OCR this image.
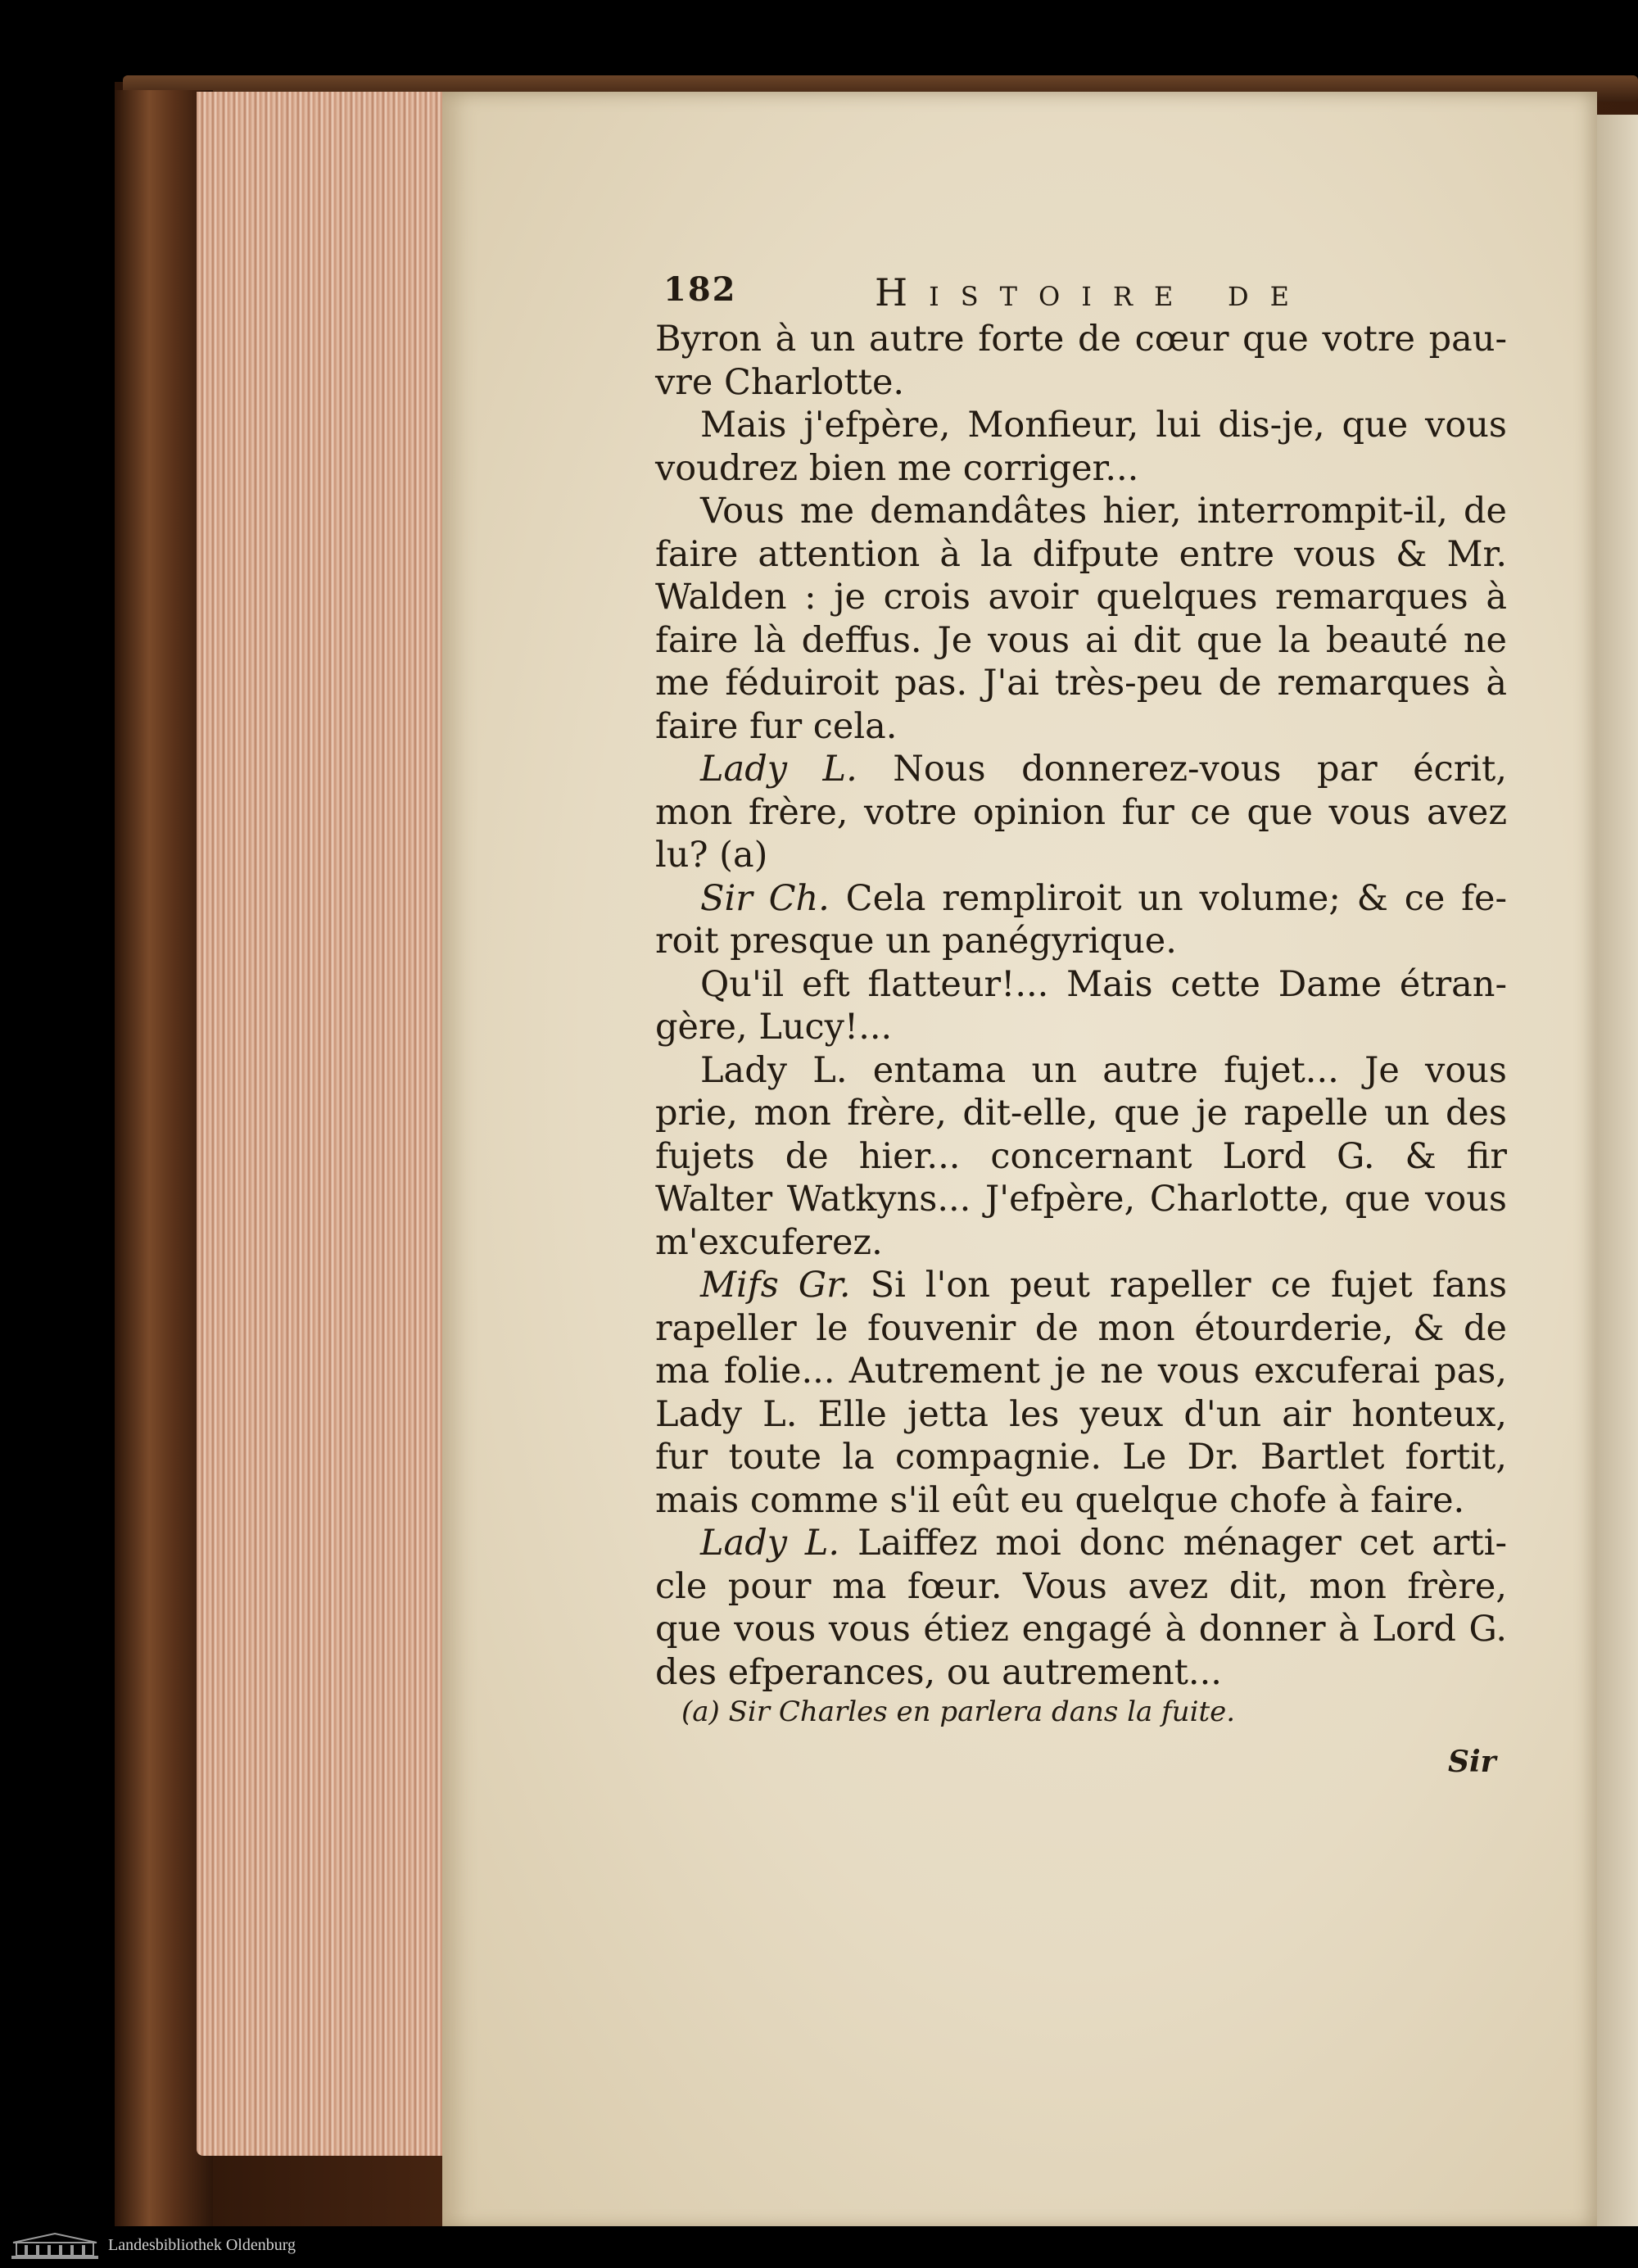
182	Histoire de
Byron à un autre forte de cœur que votre pau-
vre Charlotte.
Mais j'efpère, Monfieur, lui dis-je, que vous
voudrez bien me corriger...
Vous me demandâtes hier, interrompit-il, de
faire attention à la difpute entre vous & Mr.
Walden : je crois avoir quelques remarques à
faire là deffus. Je vous ai dit que la beauté ne
me féduiroit pas. J'ai très-peu de remarques à
faire fur cela.
Lady L. Nous donnerez-vous par écrit,
mon frère, votre opinion fur ce que vous avez
lu? (a)
Sir Ch. Cela rempliroit un volume; & ce fe-
roit presque un panégyrique.
Qu'il eft flatteur!... Mais cette Dame étran-
gère, Lucy!...
Lady L. entama un autre fujet... Je vous
prie, mon frère, dit-elle, que je rapelle un des
fujets de hier... concernant Lord G. & fir
Walter Watkyns... J'efpère, Charlotte, que vous
m'excuferez.
Mifs Gr. Si l'on peut rapeller ce fujet fans
rapeller le fouvenir de mon étourderie, & de
ma folie... Autrement je ne vous excuferai pas,
Lady L. Elle jetta les yeux d'un air honteux,
fur toute la compagnie. Le Dr. Bartlet fortit,
mais comme s'il eût eu quelque chofe à faire.
Lady L. Laiffez moi donc ménager cet arti-
cle pour ma fœur. Vous avez dit, mon frère,
que vous vous étiez engagé à donner à Lord G.
des efperances, ou autrement...
(a) Sir Charles en parlera dans la fuite.
Sir
Landesbibliothek Oldenburg
